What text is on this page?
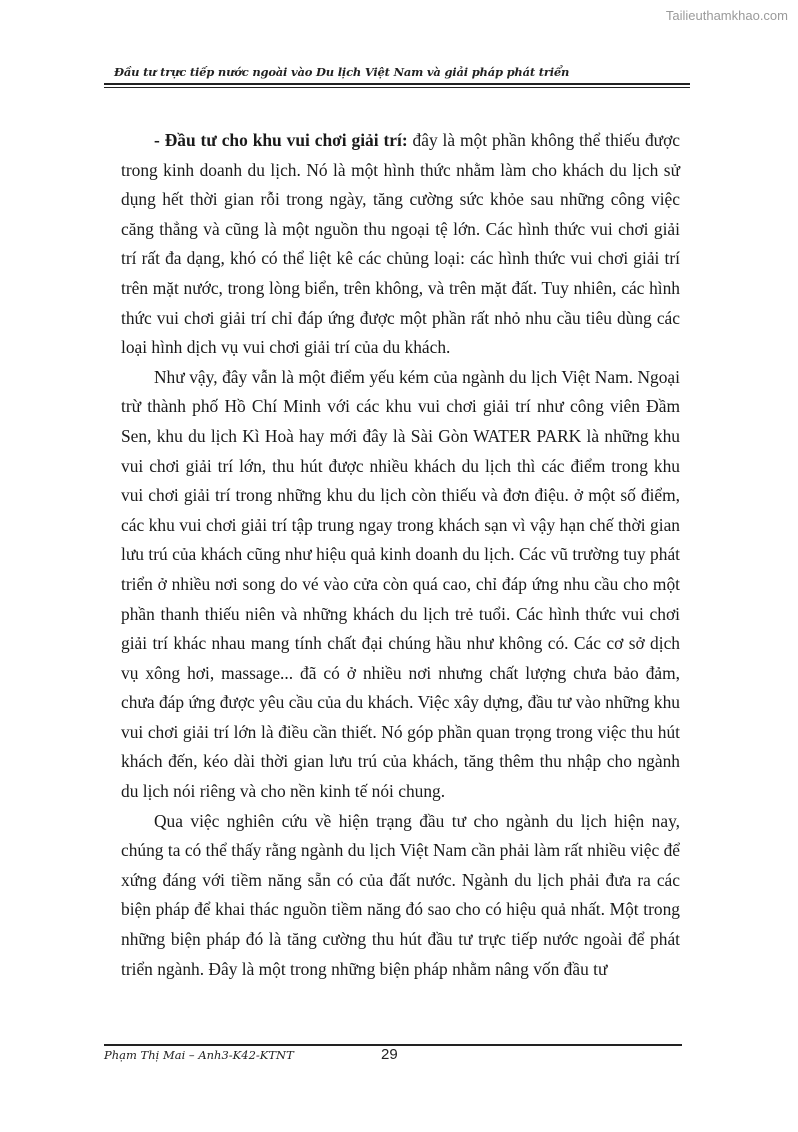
Tailieuthamkhao.com
Đầu tư trực tiếp nước ngoài vào Du lịch Việt Nam và giải pháp phát triển

- Đầu tư cho khu vui chơi giải trí: đây là một phần không thể thiếu được trong kinh doanh du lịch. Nó là một hình thức nhằm làm cho khách du lịch sử dụng hết thời gian rỗi trong ngày, tăng cường sức khỏe sau những công việc căng thẳng và cũng là một nguồn thu ngoại tệ lớn. Các hình thức vui chơi giải trí rất đa dạng, khó có thể liệt kê các chủng loại: các hình thức vui chơi giải trí trên mặt nước, trong lòng biển, trên không, và trên mặt đất. Tuy nhiên, các hình thức vui chơi giải trí chỉ đáp ứng được một phần rất nhỏ nhu cầu tiêu dùng các loại hình dịch vụ vui chơi giải trí của du khách.

Như vậy, đây vẫn là một điểm yếu kém của ngành du lịch Việt Nam. Ngoại trừ thành phố Hồ Chí Minh với các khu vui chơi giải trí như công viên Đầm Sen, khu du lịch Kì Hoà hay mới đây là Sài Gòn WATER PARK là những khu vui chơi giải trí lớn, thu hút được nhiều khách du lịch thì các điểm trong khu vui chơi giải trí trong những khu du lịch còn thiếu và đơn điệu. ở một số điểm, các khu vui chơi giải trí tập trung ngay trong khách sạn vì vậy hạn chế thời gian lưu trú của khách cũng như hiệu quả kinh doanh du lịch. Các vũ trường tuy phát triển ở nhiều nơi song do vé vào cửa còn quá cao, chỉ đáp ứng nhu cầu cho một phần thanh thiếu niên và những khách du lịch trẻ tuổi. Các hình thức vui chơi giải trí khác nhau mang tính chất đại chúng hầu như không có. Các cơ sở dịch vụ xông hơi, massage... đã có ở nhiều nơi nhưng chất lượng chưa bảo đảm, chưa đáp ứng được yêu cầu của du khách. Việc xây dựng, đầu tư vào những khu vui chơi giải trí lớn là điều cần thiết. Nó góp phần quan trọng trong việc thu hút khách đến, kéo dài thời gian lưu trú của khách, tăng thêm thu nhập cho ngành du lịch nói riêng và cho nền kinh tế nói chung.

Qua việc nghiên cứu về hiện trạng đầu tư cho ngành du lịch hiện nay, chúng ta có thể thấy rằng ngành du lịch Việt Nam cần phải làm rất nhiều việc để xứng đáng với tiềm năng sẵn có của đất nước. Ngành du lịch phải đưa ra các biện pháp để khai thác nguồn tiềm năng đó sao cho có hiệu quả nhất. Một trong những biện pháp đó là tăng cường thu hút đầu tư trực tiếp nước ngoài để phát triển ngành. Đây là một trong những biện pháp nhằm nâng vốn đầu tư

Phạm Thị Mai – Anh3-K42-KTNT	29
